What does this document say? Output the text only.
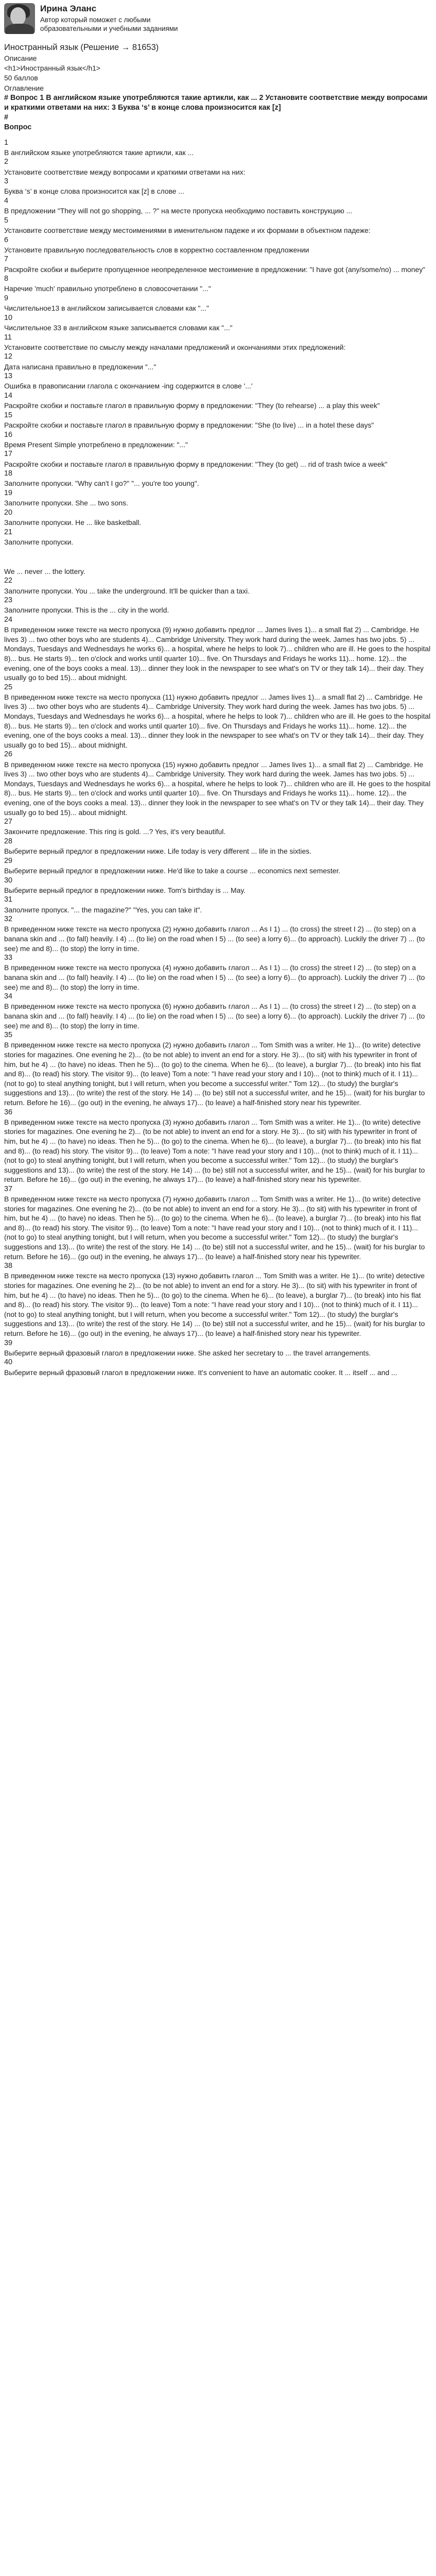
Ирина Эланс
Автор который поможет с любыми образовательными и учебными заданиями
Иностранный язык (Решение → 81653)
Описание
<h1>Иностранный язык</h1>
50 баллов
Оглавление
# Вопрос 1 В английском языке употребляются такие артикли, как ... 2 Установите соответствие между вопросами и краткими ответами на них: 3 Буква ‘s’ в конце слова произносится как [z]
#
Вопрос
1
В английском языке употребляются такие артикли, как ...
2
Установите соответствие между вопросами и краткими ответами на них:
3
Буква ‘s’ в конце слова произносится как [z] в слове ...
4
В предложении "They will not go shopping, ... ?" на месте пропуска необходимо поставить конструкцию ...
5
Установите соответствие между местоимениями в именительном падеже и их формами в объектном падеже:
6
Установите правильную последовательность слов в корректно составленном предложении
7
Раскройте скобки и выберите пропущенное неопределенное местоимение в предложении: "I have got (any/some/no) ... money"
8
Наречие 'much' правильно употреблено в словосочетании "..."
9
Числительное13 в английском записывается словами как "..."
10
Числительное 33 в английском языке записывается словами как "..."
11
Установите соответствие по смыслу между началами предложений и окончаниями этих предложений:
12
Дата написана правильно в предложении "..."
13
Ошибка в правописании глагола с окончанием -ing содержится в слове '...'
14
Раскройте скобки и поставьте глагол в правильную форму в предложении: "They (to rehearse) ... a play this week"
15
Раскройте скобки и поставьте глагол в правильную форму в предложении: "She (to live) ... in a hotel these days"
16
Время Present Simple употреблено в предложении: "..."
17
Раскройте скобки и поставьте глагол в правильную форму в предложении: "They (to get) ... rid of trash twice a week"
18
Заполните пропуски. "Why can't I go?" "... you're too young".
19
Заполните пропуски. She ... two sons.
20
Заполните пропуски. He ... like basketball.
21
Заполните пропуски.
We ... never ... the lottery.
22
Заполните пропуски. You ... take the underground. It'll be quicker than a taxi.
23
Заполните пропуски. This is the ... city in the world.
24
В приведенном ниже тексте на место пропуска (9) нужно добавить предлог ... James lives 1)... a small flat 2) ... Cambridge. He lives 3) ... two other boys who are students 4)... Cambridge University. They work hard during the week. James has two jobs. 5) ... Mondays, Tuesdays and Wednesdays he works 6)... a hospital, where he helps to look 7)... children who are ill. He goes to the hospital 8)... bus. He starts 9)... ten o'clock and works until quarter 10)... five. On Thursdays and Fridays he works 11)... home. 12)... the evening, one of the boys cooks a meal. 13)... dinner they look in the newspaper to see what's on TV or they talk 14)... their day. They usually go to bed 15)... about midnight.
25
В приведенном ниже тексте на место пропуска (11) нужно добавить предлог ... James lives 1)... a small flat 2) ... Cambridge. He lives 3) ... two other boys who are students 4)... Cambridge University. They work hard during the week. James has two jobs. 5) ... Mondays, Tuesdays and Wednesdays he works 6)... a hospital, where he helps to look 7)... children who are ill. He goes to the hospital 8)... bus. He starts 9)... ten o'clock and works until quarter 10)... five. On Thursdays and Fridays he works 11)... home. 12)... the evening, one of the boys cooks a meal. 13)... dinner they look in the newspaper to see what's on TV or they talk 14)... their day. They usually go to bed 15)... about midnight.
26
В приведенном ниже тексте на место пропуска (15) нужно добавить предлог ... James lives 1)... a small flat 2) ... Cambridge. He lives 3) ... two other boys who are students 4)... Cambridge University. They work hard during the week. James has two jobs. 5) ... Mondays, Tuesdays and Wednesdays he works 6)... a hospital, where he helps to look 7)... children who are ill. He goes to the hospital 8)... bus. He starts 9)... ten o'clock and works until quarter 10)... five. On Thursdays and Fridays he works 11)... home. 12)... the evening, one of the boys cooks a meal. 13)... dinner they look in the newspaper to see what's on TV or they talk 14)... their day. They usually go to bed 15)... about midnight.
27
Закончите предложение. This ring is gold. ...? Yes, it's very beautiful.
28
Выберите верный предлог в предложении ниже. Life today is very different ... life in the sixties.
29
Выберите верный предлог в предложении ниже. He'd like to take a course ... economics next semester.
30
Выберите верный предлог в предложении ниже. Tom's birthday is ... May.
31
Заполните пропуск. "... the magazine?" "Yes, you can take it".
32
В приведенном ниже тексте на место пропуска (2) нужно добавить глагол ... As I 1) ... (to cross) the street I 2) ... (to step) on a banana skin and ... (to fall) heavily. I 4) ... (to lie) on the road when I 5) ... (to see) a lorry 6)... (to approach). Luckily the driver 7) ... (to see) me and 8)... (to stop) the lorry in time.
33
В приведенном ниже тексте на место пропуска (4) нужно добавить глагол ... As I 1) ... (to cross) the street I 2) ... (to step) on a banana skin and ... (to fall) heavily. I 4) ... (to lie) on the road when I 5) ... (to see) a lorry 6)... (to approach). Luckily the driver 7) ... (to see) me and 8)... (to stop) the lorry in time.
34
В приведенном ниже тексте на место пропуска (6) нужно добавить глагол ... As I 1) ... (to cross) the street I 2) ... (to step) on a banana skin and ... (to fall) heavily. I 4) ... (to lie) on the road when I 5) ... (to see) a lorry 6)... (to approach). Luckily the driver 7) ... (to see) me and 8)... (to stop) the lorry in time.
35
В приведенном ниже тексте на место пропуска (2) нужно добавить глагол ... Tom Smith was a writer. He 1)... (to write) detective stories for magazines. One evening he 2)... (to be not able) to invent an end for a story. He 3)... (to sit) with his typewriter in front of him, but he 4) ... (to have) no ideas. Then he 5)... (to go) to the cinema. When he 6)... (to leave), a burglar 7)... (to break) into his flat and 8)... (to read) his story. The visitor 9)... (to leave) Tom a note: "I have read your story and I 10)... (not to think) much of it. I 11)... (not to go) to steal anything tonight, but I will return, when you become a successful writer." Tom 12)... (to study) the burglar's suggestions and 13)... (to write) the rest of the story. He 14) ... (to be) still not a successful writer, and he 15)... (wait) for his burglar to return. Before he 16)... (go out) in the evening, he always 17)... (to leave) a half-finished story near his typewriter.
36
В приведенном ниже тексте на место пропуска (3) нужно добавить глагол ... Tom Smith was a writer. He 1)... (to write) detective stories for magazines. One evening he 2)... (to be not able) to invent an end for a story. He 3)... (to sit) with his typewriter in front of him, but he 4) ... (to have) no ideas. Then he 5)... (to go) to the cinema. When he 6)... (to leave), a burglar 7)... (to break) into his flat and 8)... (to read) his story. The visitor 9)... (to leave) Tom a note: "I have read your story and I 10)... (not to think) much of it. I 11)... (not to go) to steal anything tonight, but I will return, when you become a successful writer." Tom 12)... (to study) the burglar's suggestions and 13)... (to write) the rest of the story. He 14) ... (to be) still not a successful writer, and he 15)... (wait) for his burglar to return. Before he 16)... (go out) in the evening, he always 17)... (to leave) a half-finished story near his typewriter.
37
В приведенном ниже тексте на место пропуска (7) нужно добавить глагол ... Tom Smith was a writer. He 1)... (to write) detective stories for magazines. One evening he 2)... (to be not able) to invent an end for a story. He 3)... (to sit) with his typewriter in front of him, but he 4) ... (to have) no ideas. Then he 5)... (to go) to the cinema. When he 6)... (to leave), a burglar 7)... (to break) into his flat and 8)... (to read) his story. The visitor 9)... (to leave) Tom a note: "I have read your story and I 10)... (not to think) much of it. I 11)... (not to go) to steal anything tonight, but I will return, when you become a successful writer." Tom 12)... (to study) the burglar's suggestions and 13)... (to write) the rest of the story. He 14) ... (to be) still not a successful writer, and he 15)... (wait) for his burglar to return. Before he 16)... (go out) in the evening, he always 17)... (to leave) a half-finished story near his typewriter.
38
В приведенном ниже тексте на место пропуска (13) нужно добавить глагол ... Tom Smith was a writer. He 1)... (to write) detective stories for magazines. One evening he 2)... (to be not able) to invent an end for a story. He 3)... (to sit) with his typewriter in front of him, but he 4) ... (to have) no ideas. Then he 5)... (to go) to the cinema. When he 6)... (to leave), a burglar 7)... (to break) into his flat and 8)... (to read) his story. The visitor 9)... (to leave) Tom a note: "I have read your story and I 10)... (not to think) much of it. I 11)... (not to go) to steal anything tonight, but I will return, when you become a successful writer." Tom 12)... (to study) the burglar's suggestions and 13)... (to write) the rest of the story. He 14) ... (to be) still not a successful writer, and he 15)... (wait) for his burglar to return. Before he 16)... (go out) in the evening, he always 17)... (to leave) a half-finished story near his typewriter.
39
Выберите верный фразовый глагол в предложении ниже. She asked her secretary to ... the travel arrangements.
40
Выберите верный фразовый глагол в предложении ниже. It's convenient to have an automatic cooker. It ... itself ... and ...
